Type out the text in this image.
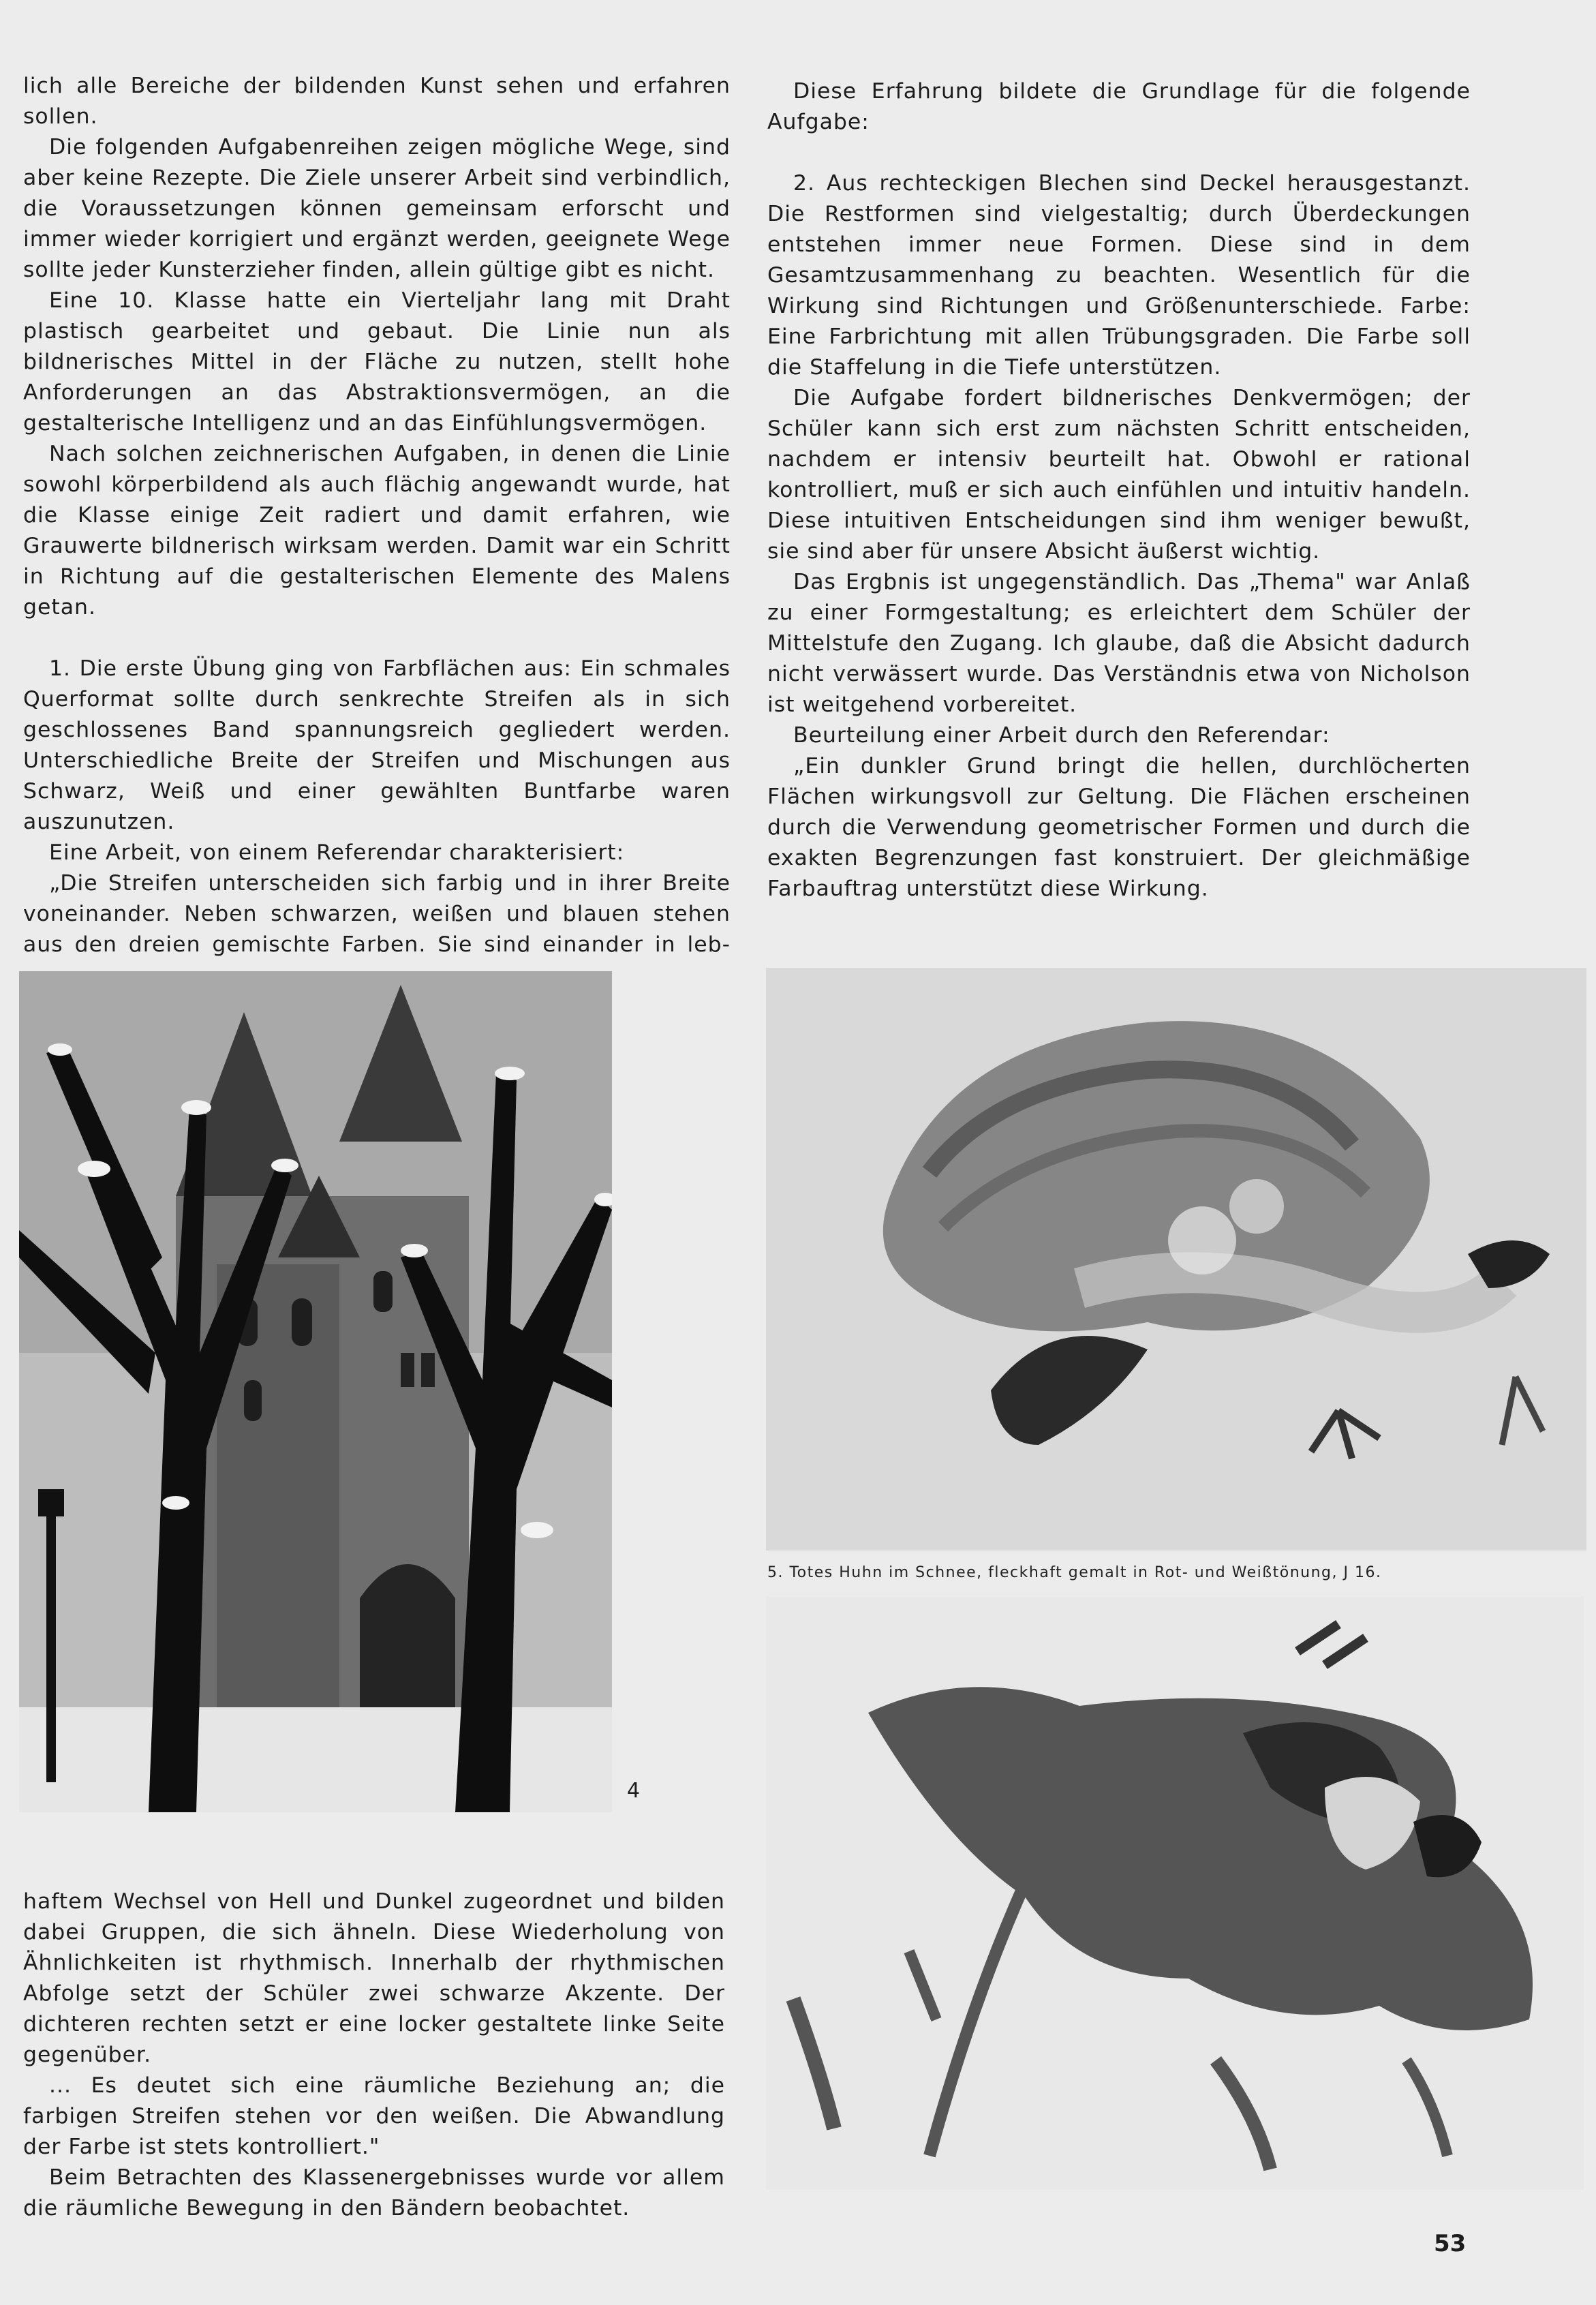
lich alle Bereiche der bildenden Kunst sehen und erfahren sollen.

Die folgenden Aufgabenreihen zeigen mögliche Wege, sind aber keine Rezepte. Die Ziele unserer Arbeit sind verbindlich, die Voraussetzungen können gemeinsam erforscht und immer wieder korrigiert und ergänzt werden, geeignete Wege sollte jeder Kunsterzieher finden, allein gültige gibt es nicht.

Eine 10. Klasse hatte ein Vierteljahr lang mit Draht plastisch gearbeitet und gebaut. Die Linie nun als bildnerisches Mittel in der Fläche zu nutzen, stellt hohe Anforderungen an das Abstraktionsvermögen, an die gestalterische Intelligenz und an das Einfühlungsvermögen.

Nach solchen zeichnerischen Aufgaben, in denen die Linie sowohl körperbildend als auch flächig angewandt wurde, hat die Klasse einige Zeit radiert und damit erfahren, wie Grauwerte bildnerisch wirksam werden. Damit war ein Schritt in Richtung auf die gestalterischen Elemente des Malens getan.

1. Die erste Übung ging von Farbflächen aus: Ein schmales Querformat sollte durch senkrechte Streifen als in sich geschlossenes Band spannungsreich gegliedert werden. Unterschiedliche Breite der Streifen und Mischungen aus Schwarz, Weiß und einer gewählten Buntfarbe waren auszunutzen.

Eine Arbeit, von einem Referendar charakterisiert:

„Die Streifen unterscheiden sich farbig und in ihrer Breite voneinander. Neben schwarzen, weißen und blauen stehen aus den dreien gemischte Farben. Sie sind einander in leb-

Diese Erfahrung bildete die Grundlage für die folgende Aufgabe:

2. Aus rechteckigen Blechen sind Deckel herausgestanzt. Die Restformen sind vielgestaltig; durch Überdeckungen entstehen immer neue Formen. Diese sind in dem Gesamtzusammenhang zu beachten. Wesentlich für die Wirkung sind Richtungen und Größenunterschiede. Farbe: Eine Farbrichtung mit allen Trübungsgraden. Die Farbe soll die Staffelung in die Tiefe unterstützen.

Die Aufgabe fordert bildnerisches Denkvermögen; der Schüler kann sich erst zum nächsten Schritt entscheiden, nachdem er intensiv beurteilt hat. Obwohl er rational kontrolliert, muß er sich auch einfühlen und intuitiv handeln. Diese intuitiven Entscheidungen sind ihm weniger bewußt, sie sind aber für unsere Absicht äußerst wichtig.

Das Ergbnis ist ungegenständlich. Das „Thema" war Anlaß zu einer Formgestaltung; es erleichtert dem Schüler der Mittelstufe den Zugang. Ich glaube, daß die Absicht dadurch nicht verwässert wurde. Das Verständnis etwa von Nicholson ist weitgehend vorbereitet.

Beurteilung einer Arbeit durch den Referendar:

„Ein dunkler Grund bringt die hellen, durchlöcherten Flächen wirkungsvoll zur Geltung. Die Flächen erscheinen durch die Verwendung geometrischer Formen und durch die exakten Begrenzungen fast konstruiert. Der gleichmäßige Farbauftrag unterstützt diese Wirkung.

4
5. Totes Huhn im Schnee, fleckhaft gemalt in Rot- und Weißtönung, J 16.

haftem Wechsel von Hell und Dunkel zugeordnet und bilden dabei Gruppen, die sich ähneln. Diese Wiederholung von Ähnlichkeiten ist rhythmisch. Innerhalb der rhythmischen Abfolge setzt der Schüler zwei schwarze Akzente. Der dichteren rechten setzt er eine locker gestaltete linke Seite gegenüber.

... Es deutet sich eine räumliche Beziehung an; die farbigen Streifen stehen vor den weißen. Die Abwandlung der Farbe ist stets kontrolliert."

Beim Betrachten des Klassenergebnisses wurde vor allem die räumliche Bewegung in den Bändern beobachtet.

53
